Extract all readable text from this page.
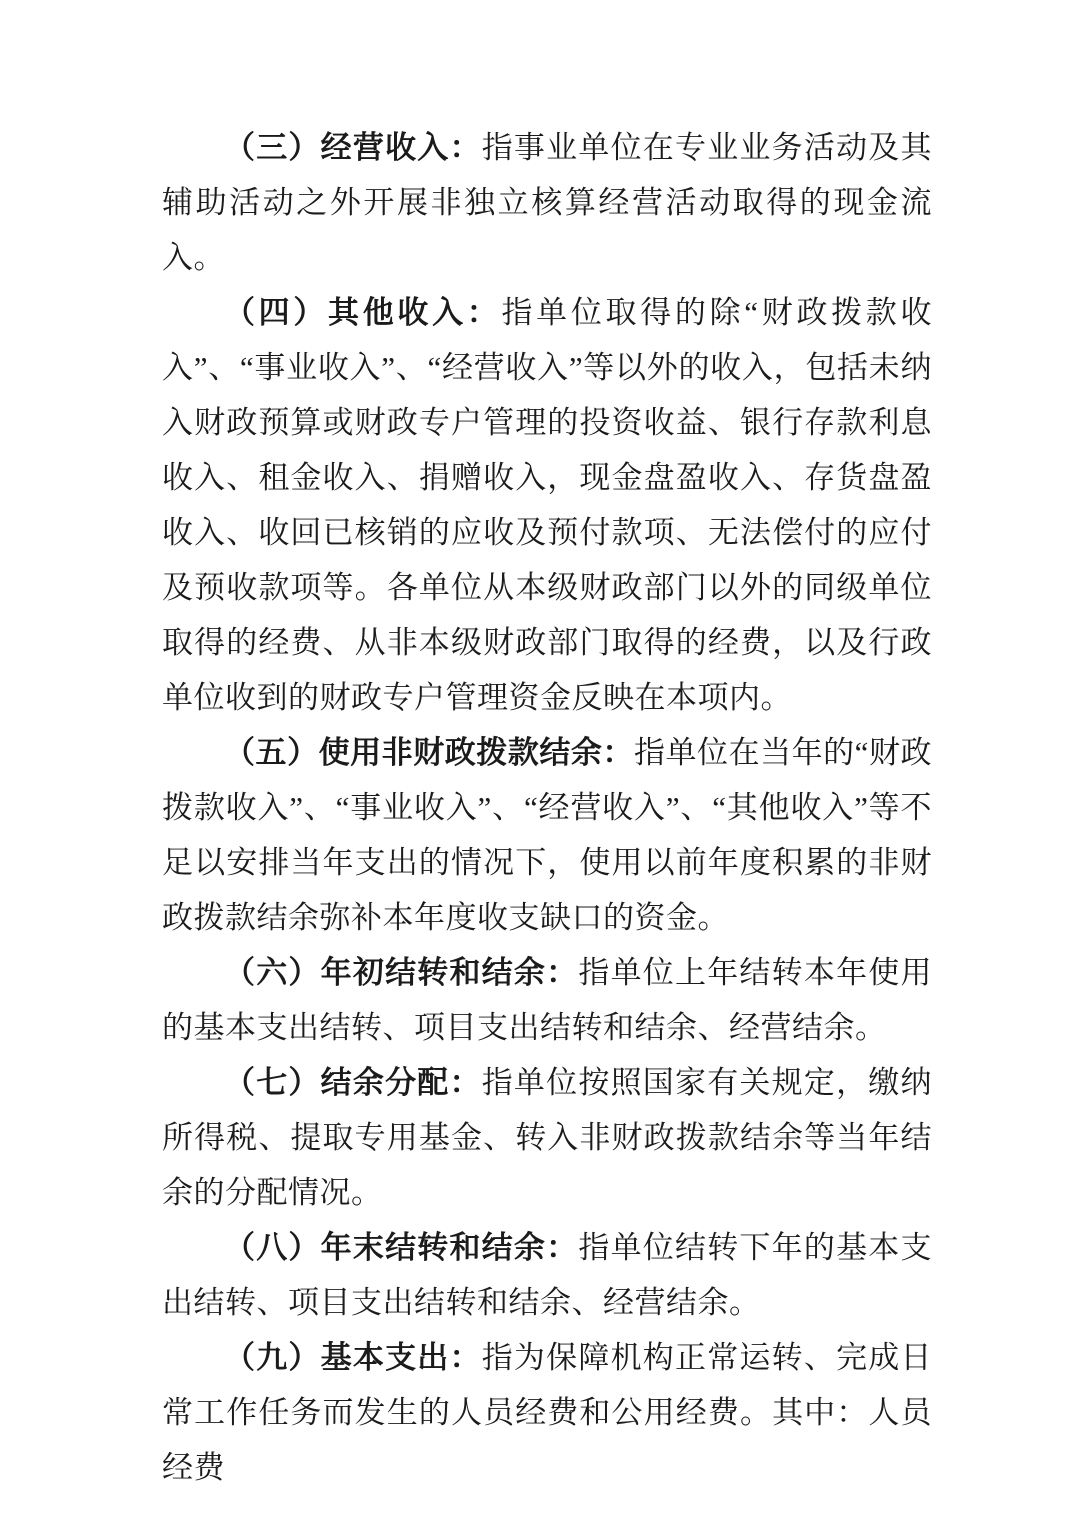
（三）经营收入：指事业单位在专业业务活动及其辅助活动之外开展非独立核算经营活动取得的现金流入。

（四）其他收入：指单位取得的除“财政拨款收入”、“事业收入”、“经营收入”等以外的收入，包括未纳入财政预算或财政专户管理的投资收益、银行存款利息收入、租金收入、捐赠收入，现金盘盈收入、存货盘盈收入、收回已核销的应收及预付款项、无法偿付的应付及预收款项等。各单位从本级财政部门以外的同级单位取得的经费、从非本级财政部门取得的经费，以及行政单位收到的财政专户管理资金反映在本项内。

（五）使用非财政拨款结余：指单位在当年的“财政拨款收入”、“事业收入”、“经营收入”、“其他收入”等不足以安排当年支出的情况下，使用以前年度积累的非财政拨款结余弥补本年度收支缺口的资金。

（六）年初结转和结余：指单位上年结转本年使用的基本支出结转、项目支出结转和结余、经营结余。

（七）结余分配：指单位按照国家有关规定，缴纳所得税、提取专用基金、转入非财政拨款结余等当年结余的分配情况。

（八）年末结转和结余：指单位结转下年的基本支出结转、项目支出结转和结余、经营结余。

（九）基本支出：指为保障机构正常运转、完成日常工作任务而发生的人员经费和公用经费。其中：人员经费
